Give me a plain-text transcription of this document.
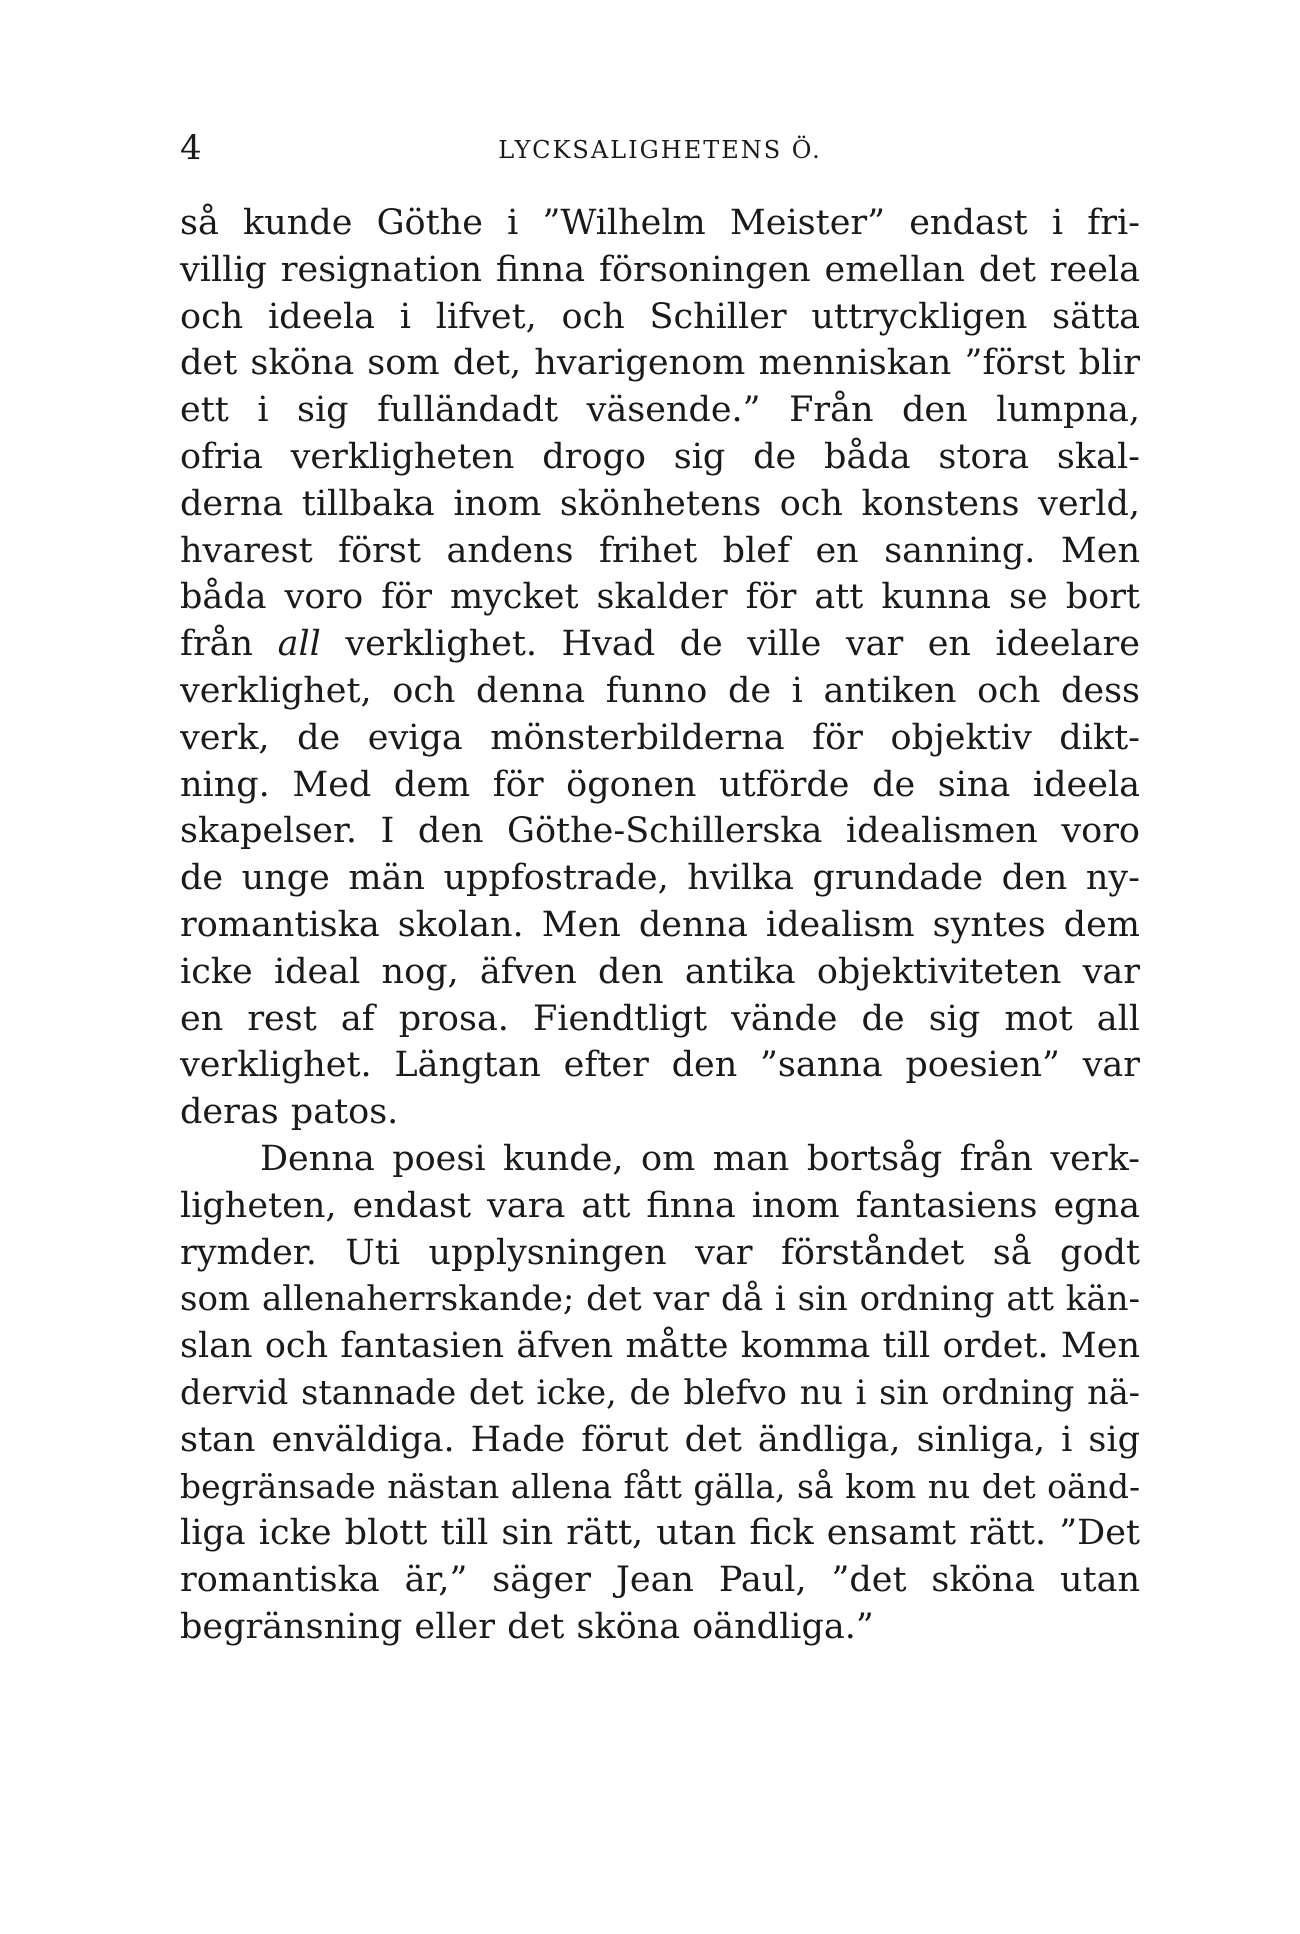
4	LYCKSALIGHETENS Ö.
så kunde Göthe i ”Wilhelm Meister” endast i fri-
villig resignation finna försoningen emellan det reela
och ideela i lifvet, och Schiller uttryckligen sätta
det sköna som det, hvarigenom menniskan ”först blir
ett i sig fulländadt väsende.” Från den lumpna,
ofria verkligheten drogo sig de båda stora skal-
derna tillbaka inom skönhetens och konstens verld,
hvarest först andens frihet blef en sanning. Men
båda voro för mycket skalder för att kunna se bort
från all verklighet. Hvad de ville var en ideelare
verklighet, och denna funno de i antiken och dess
verk, de eviga mönsterbilderna för objektiv dikt-
ning. Med dem för ögonen utförde de sina ideela
skapelser. I den Göthe-Schillerska idealismen voro
de unge män uppfostrade, hvilka grundade den ny-
romantiska skolan. Men denna idealism syntes dem
icke ideal nog, äfven den antika objektiviteten var
en rest af prosa. Fiendtligt vände de sig mot all
verklighet. Längtan efter den ”sanna poesien” var
deras patos.
Denna poesi kunde, om man bortsåg från verk-
ligheten, endast vara att finna inom fantasiens egna
rymder. Uti upplysningen var förståndet så godt
som allenaherrskande; det var då i sin ordning att kän-
slan och fantasien äfven måtte komma till ordet. Men
dervid stannade det icke, de blefvo nu i sin ordning nä-
stan enväldiga. Hade förut det ändliga, sinliga, i sig
begränsade nästan allena fått gälla, så kom nu det oänd-
liga icke blott till sin rätt, utan fick ensamt rätt. ”Det
romantiska är,” säger Jean Paul, ”det sköna utan
begränsning eller det sköna oändliga.”
